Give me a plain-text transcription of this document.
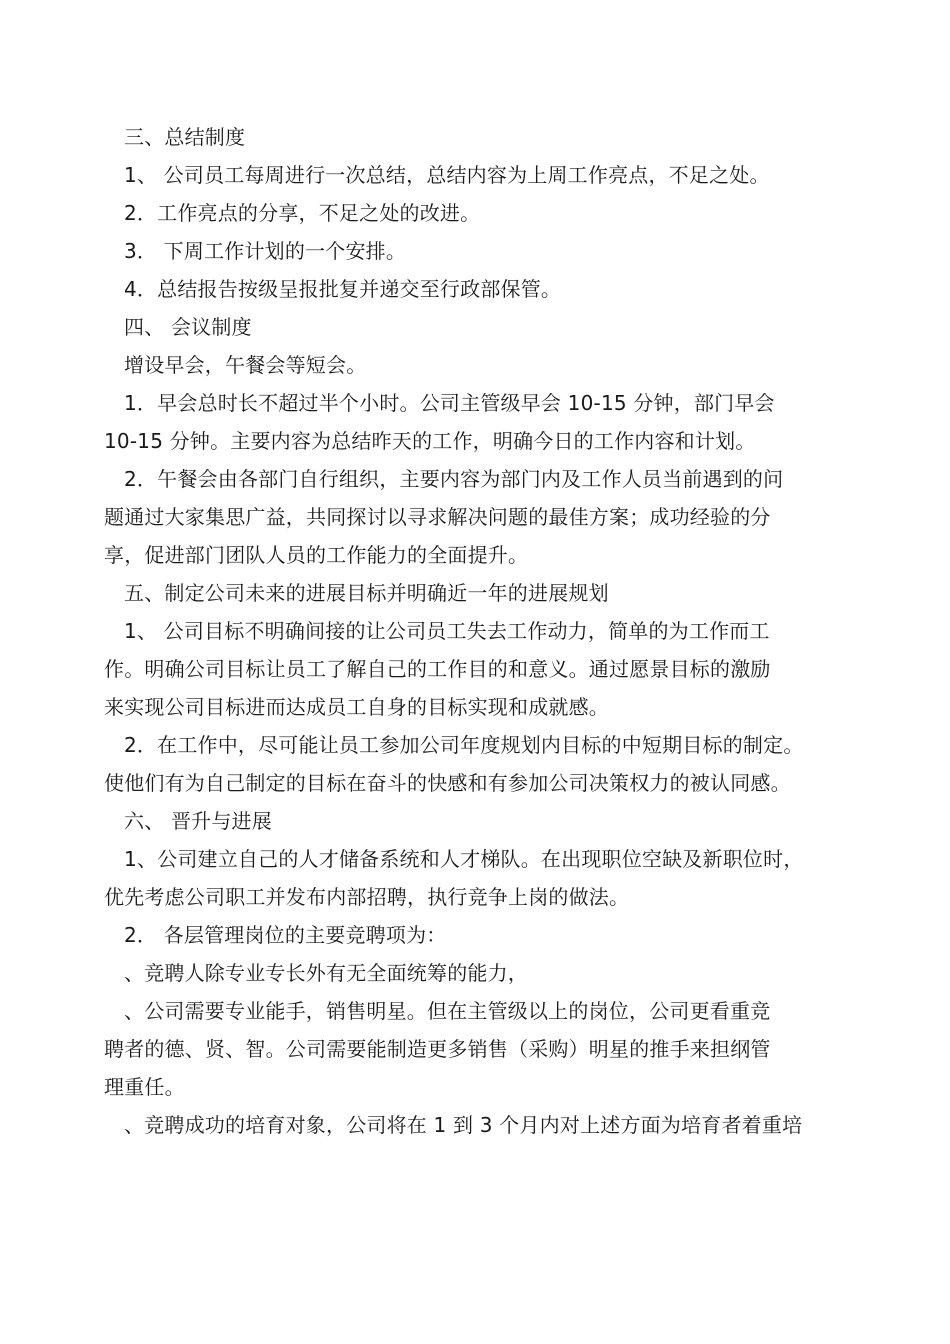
三、总结制度
1、 公司员工每周进行一次总结，总结内容为上周工作亮点，不足之处。
2．工作亮点的分享，不足之处的改进。
3． 下周工作计划的一个安排。
4．总结报告按级呈报批复并递交至行政部保管。
四、 会议制度
增设早会，午餐会等短会。
1．早会总时长不超过半个小时。公司主管级早会 10-15 分钟，部门早会
10-15 分钟。主要内容为总结昨天的工作，明确今日的工作内容和计划。
2．午餐会由各部门自行组织，主要内容为部门内及工作人员当前遇到的问
题通过大家集思广益，共同探讨以寻求解决问题的最佳方案；成功经验的分
享，促进部门团队人员的工作能力的全面提升。
五、制定公司未来的进展目标并明确近一年的进展规划
1、 公司目标不明确间接的让公司员工失去工作动力，简单的为工作而工
作。明确公司目标让员工了解自己的工作目的和意义。通过愿景目标的激励
来实现公司目标进而达成员工自身的目标实现和成就感。
2．在工作中，尽可能让员工参加公司年度规划内目标的中短期目标的制定。
使他们有为自己制定的目标在奋斗的快感和有参加公司决策权力的被认同感。
六、 晋升与进展
1、公司建立自己的人才储备系统和人才梯队。在出现职位空缺及新职位时，
优先考虑公司职工并发布内部招聘，执行竞争上岗的做法。
2． 各层管理岗位的主要竞聘项为：
、竞聘人除专业专长外有无全面统筹的能力，
、公司需要专业能手，销售明星。但在主管级以上的岗位，公司更看重竞
聘者的德、贤、智。公司需要能制造更多销售（采购）明星的推手来担纲管
理重任。
、竞聘成功的培育对象，公司将在 1 到 3 个月内对上述方面为培育者着重培
